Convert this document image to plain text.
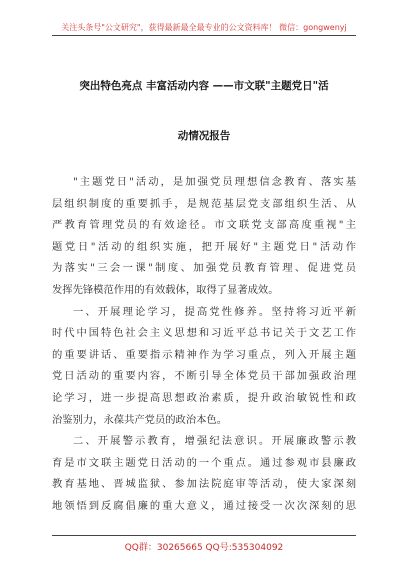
关注头条号"公文研究"，获得最新最全最专业的公文资料库！ 微信：gongwenyj
突出特色亮点 丰富活动内容 ——市文联"主题党日"活
动情况报告
"主题党日"活动，是加强党员理想信念教育、落实基
层组织制度的重要抓手，是规范基层党支部组织生活、从
严教育管理党员的有效途径。市文联党支部高度重视"主
题党日"活动的组织实施，把开展好"主题党日"活动作
为落实"三会一课"制度、加强党员教育管理、促进党员
发挥先锋模范作用的有效载体，取得了显著成效。
一、开展理论学习，提高党性修养。坚持将习近平新
时代中国特色社会主义思想和习近平总书记关于文艺工作
的重要讲话、重要指示精神作为学习重点，列入开展主题
党日活动的重要内容，不断引导全体党员干部加强政治理
论学习，进一步提高思想政治素质，提升政治敏锐性和政
治鉴别力，永葆共产党员的政治本色。
二、开展警示教育，增强纪法意识。开展廉政警示教
育是市文联主题党日活动的一个重点。通过参观市县廉政
教育基地、晋城监狱、参加法院庭审等活动，使大家深刻
地领悟到反腐倡廉的重大意义，通过接受一次次深刻的思
QQ群：30265665 QQ号:535304092
